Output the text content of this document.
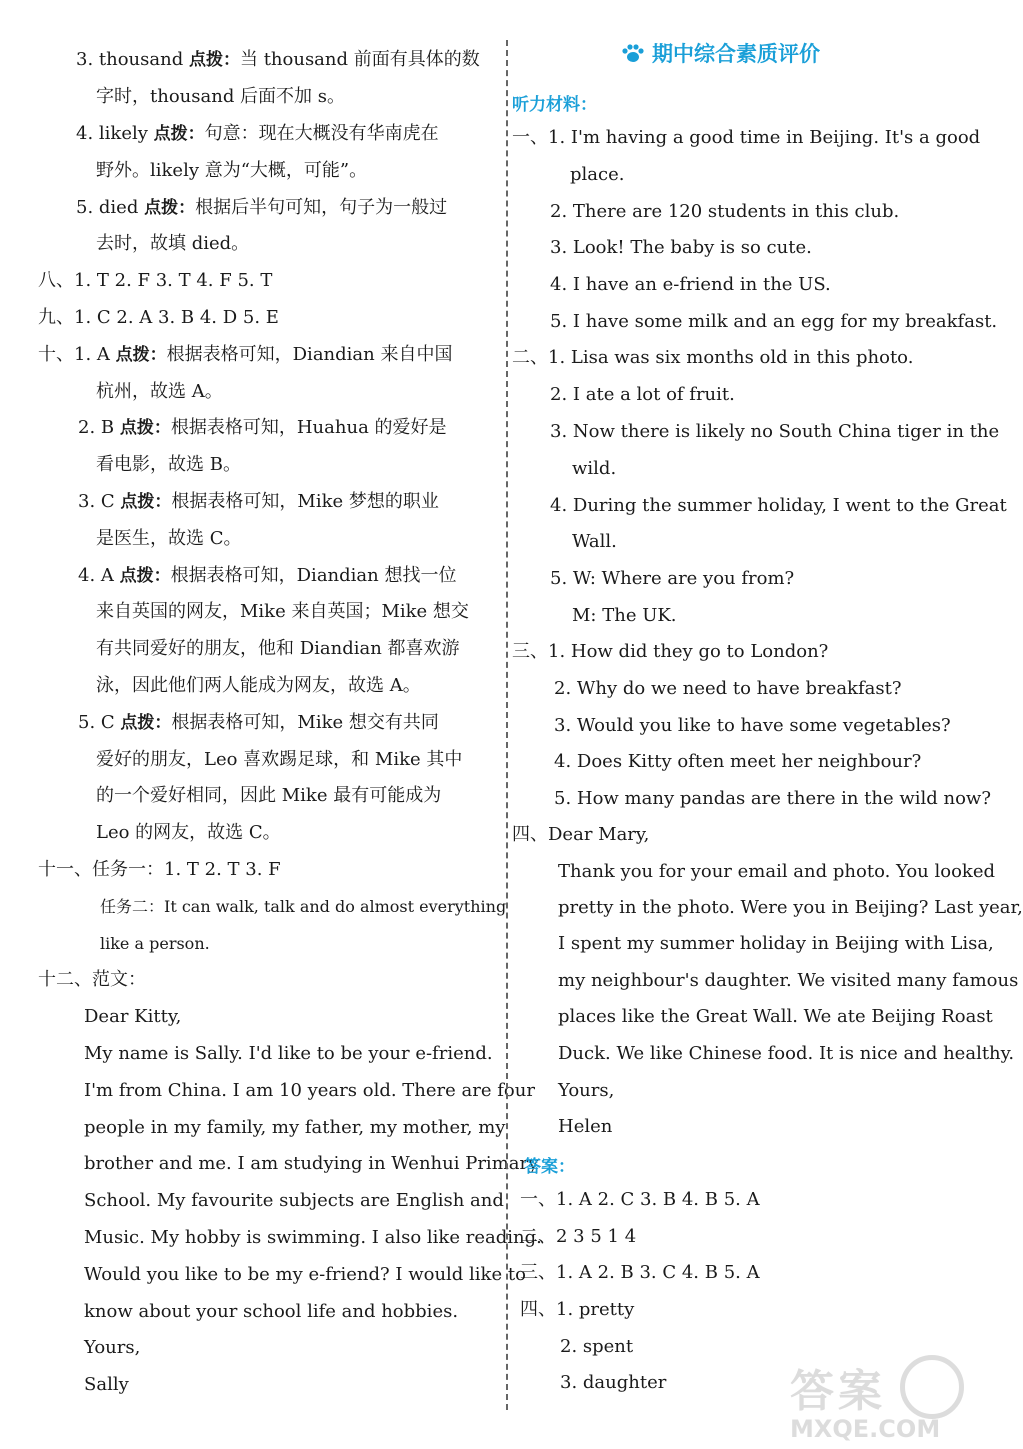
3. thousand 点拨：当 thousand 前面有具体的数
字时，thousand 后面不加 s。
4. likely 点拨：句意：现在大概没有华南虎在
野外。likely 意为“大概，可能”。
5. died 点拨：根据后半句可知，句子为一般过
去时，故填 died。
八、1. T 2. F 3. T 4. F 5. T
九、1. C 2. A 3. B 4. D 5. E
十、1. A 点拨：根据表格可知，Diandian 来自中国
杭州，故选 A。
2. B 点拨：根据表格可知，Huahua 的爱好是
看电影，故选 B。
3. C 点拨：根据表格可知，Mike 梦想的职业
是医生，故选 C。
4. A 点拨：根据表格可知，Diandian 想找一位
来自英国的网友，Mike 来自英国；Mike 想交
有共同爱好的朋友，他和 Diandian 都喜欢游
泳，因此他们两人能成为网友，故选 A。
5. C 点拨：根据表格可知，Mike 想交有共同
爱好的朋友，Leo 喜欢踢足球，和 Mike 其中
的一个爱好相同，因此 Mike 最有可能成为
Leo 的网友，故选 C。
十一、任务一：1. T 2. T 3. F
任务二：It can walk, talk and do almost everything
like a person.
十二、范文：
Dear Kitty,
My name is Sally. I'd like to be your e-friend.
I'm from China. I am 10 years old. There are four
people in my family, my father, my mother, my
brother and me. I am studying in Wenhui Primary
School. My favourite subjects are English and
Music. My hobby is swimming. I also like reading.
Would you like to be my e-friend? I would like to
know about your school life and hobbies.
Yours,
Sally
期中综合素质评价
听力材料：
一、1. I'm having a good time in Beijing. It's a good
place.
2. There are 120 students in this club.
3. Look! The baby is so cute.
4. I have an e-friend in the US.
5. I have some milk and an egg for my breakfast.
二、1. Lisa was six months old in this photo.
2. I ate a lot of fruit.
3. Now there is likely no South China tiger in the
wild.
4. During the summer holiday, I went to the Great
Wall.
5. W: Where are you from?
M: The UK.
三、1. How did they go to London?
2. Why do we need to have breakfast?
3. Would you like to have some vegetables?
4. Does Kitty often meet her neighbour?
5. How many pandas are there in the wild now?
四、Dear Mary,
Thank you for your email and photo. You looked
pretty in the photo. Were you in Beijing? Last year,
I spent my summer holiday in Beijing with Lisa,
my neighbour's daughter. We visited many famous
places like the Great Wall. We ate Beijing Roast
Duck. We like Chinese food. It is nice and healthy.
Yours,
Helen
答案：
一、1. A 2. C 3. B 4. B 5. A
二、2 3 5 1 4
三、1. A 2. B 3. C 4. B 5. A
四、1. pretty
2. spent
3. daughter	答案
MXQE.COM
